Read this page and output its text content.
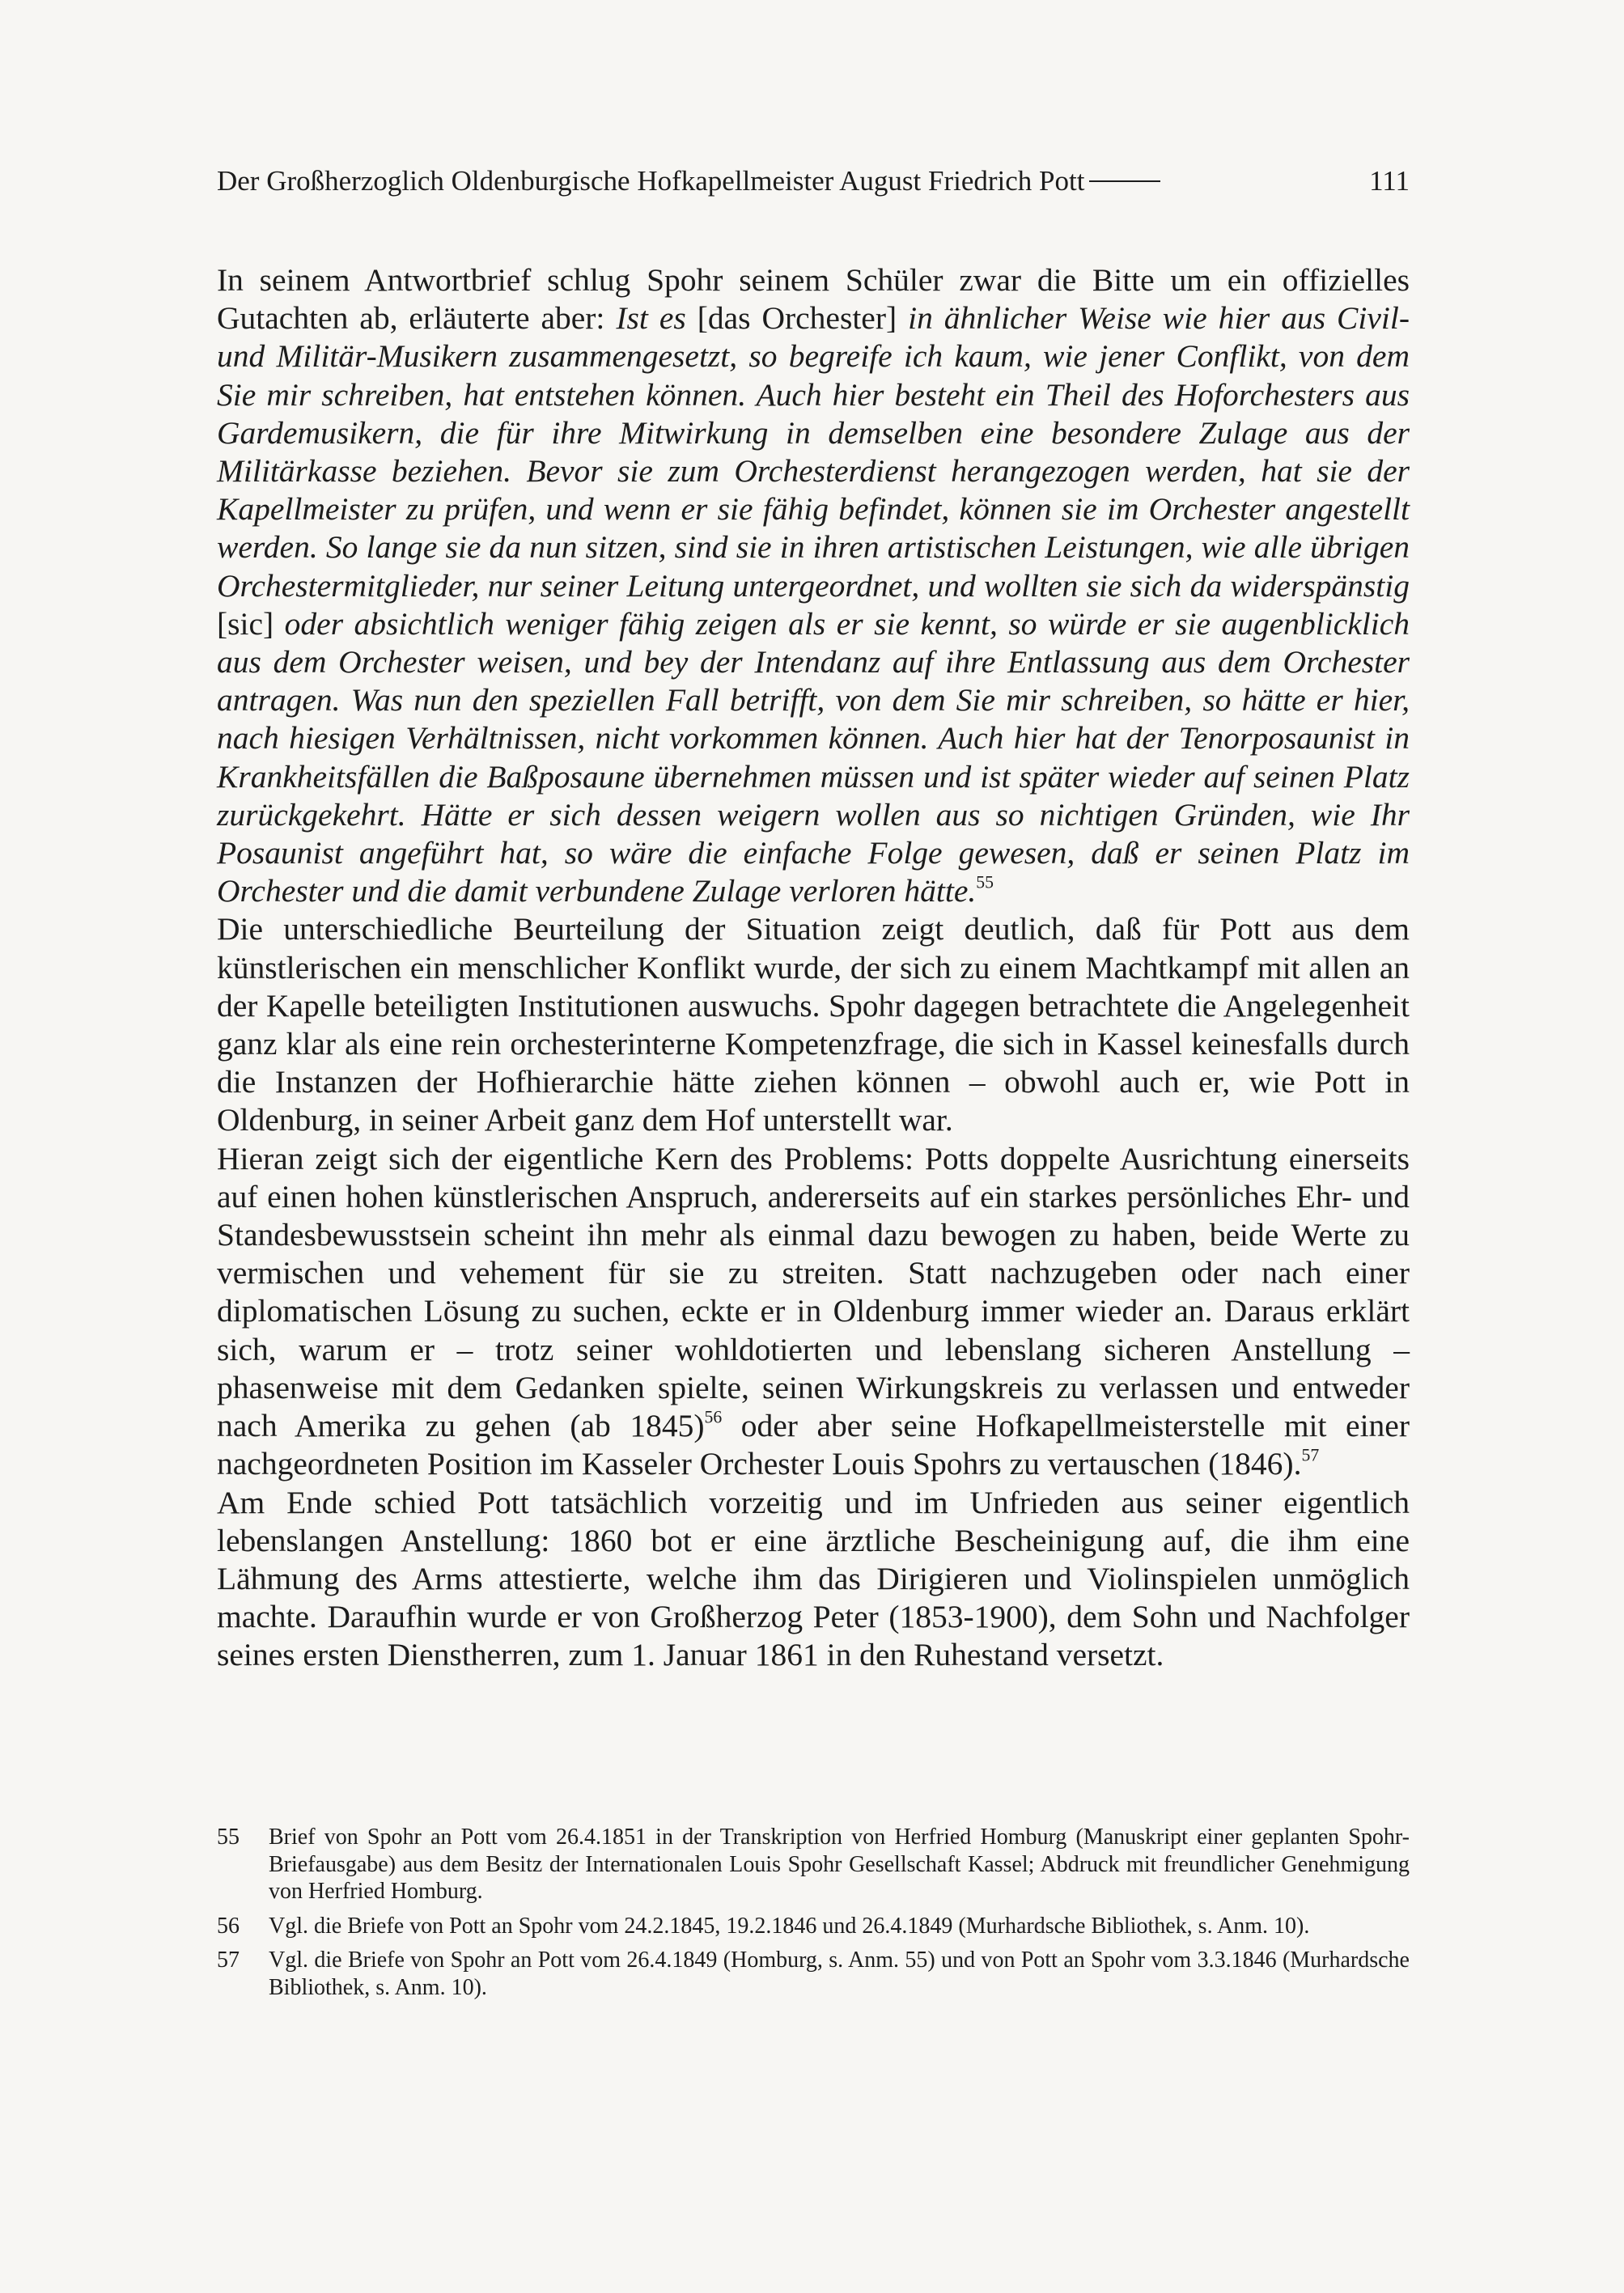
Der Großherzoglich Oldenburgische Hofkapellmeister August Friedrich Pott	111

In seinem Antwortbrief schlug Spohr seinem Schüler zwar die Bitte um ein offizielles Gutachten ab, erläuterte aber: Ist es [das Orchester] in ähnlicher Weise wie hier aus Civil- und Militär-Musikern zusammengesetzt, so begreife ich kaum, wie jener Conflikt, von dem Sie mir schreiben, hat entstehen können. Auch hier besteht ein Theil des Hoforchesters aus Gardemusikern, die für ihre Mitwirkung in demselben eine besondere Zulage aus der Militärkasse beziehen. Bevor sie zum Orchesterdienst herangezogen werden, hat sie der Kapellmeister zu prüfen, und wenn er sie fähig befindet, können sie im Orchester angestellt werden. So lange sie da nun sitzen, sind sie in ihren artistischen Leistungen, wie alle übrigen Orchestermitglieder, nur seiner Leitung untergeordnet, und wollten sie sich da widerspänstig [sic] oder absichtlich weniger fähig zeigen als er sie kennt, so würde er sie augenblicklich aus dem Orchester weisen, und bey der Intendanz auf ihre Entlassung aus dem Orchester antragen. Was nun den speziellen Fall betrifft, von dem Sie mir schreiben, so hätte er hier, nach hiesigen Verhältnissen, nicht vorkommen können. Auch hier hat der Tenorposaunist in Krankheitsfällen die Baßposaune übernehmen müssen und ist später wieder auf seinen Platz zurückgekehrt. Hätte er sich dessen weigern wollen aus so nichtigen Gründen, wie Ihr Posaunist angeführt hat, so wäre die einfache Folge gewesen, daß er seinen Platz im Orchester und die damit verbundene Zulage verloren hätte.$^{55}$

Die unterschiedliche Beurteilung der Situation zeigt deutlich, daß für Pott aus dem künstlerischen ein menschlicher Konflikt wurde, der sich zu einem Machtkampf mit allen an der Kapelle beteiligten Institutionen auswuchs. Spohr dagegen betrachtete die Angelegenheit ganz klar als eine rein orchesterinterne Kompetenzfrage, die sich in Kassel keinesfalls durch die Instanzen der Hofhierarchie hätte ziehen können – obwohl auch er, wie Pott in Oldenburg, in seiner Arbeit ganz dem Hof unterstellt war.

Hieran zeigt sich der eigentliche Kern des Problems: Potts doppelte Ausrichtung einerseits auf einen hohen künstlerischen Anspruch, andererseits auf ein starkes persönliches Ehr- und Standesbewusstsein scheint ihn mehr als einmal dazu bewogen zu haben, beide Werte zu vermischen und vehement für sie zu streiten. Statt nachzugeben oder nach einer diplomatischen Lösung zu suchen, eckte er in Oldenburg immer wieder an. Daraus erklärt sich, warum er – trotz seiner wohldotierten und lebenslang sicheren Anstellung – phasenweise mit dem Gedanken spielte, seinen Wirkungskreis zu verlassen und entweder nach Amerika zu gehen (ab 1845)$^{56}$ oder aber seine Hofkapellmeisterstelle mit einer nachgeordneten Position im Kasseler Orchester Louis Spohrs zu vertauschen (1846).$^{57}$

Am Ende schied Pott tatsächlich vorzeitig und im Unfrieden aus seiner eigentlich lebenslangen Anstellung: 1860 bot er eine ärztliche Bescheinigung auf, die ihm eine Lähmung des Arms attestierte, welche ihm das Dirigieren und Violinspielen unmöglich machte. Daraufhin wurde er von Großherzog Peter (1853-1900), dem Sohn und Nachfolger seines ersten Dienstherren, zum 1. Januar 1861 in den Ruhestand versetzt.

55	Brief von Spohr an Pott vom 26.4.1851 in der Transkription von Herfried Homburg (Manuskript einer geplanten Spohr-Briefausgabe) aus dem Besitz der Internationalen Louis Spohr Gesellschaft Kassel; Abdruck mit freundlicher Genehmigung von Herfried Homburg.
56	Vgl. die Briefe von Pott an Spohr vom 24.2.1845, 19.2.1846 und 26.4.1849 (Murhardsche Bibliothek, s. Anm. 10).
57	Vgl. die Briefe von Spohr an Pott vom 26.4.1849 (Homburg, s. Anm. 55) und von Pott an Spohr vom 3.3.1846 (Murhardsche Bibliothek, s. Anm. 10).
